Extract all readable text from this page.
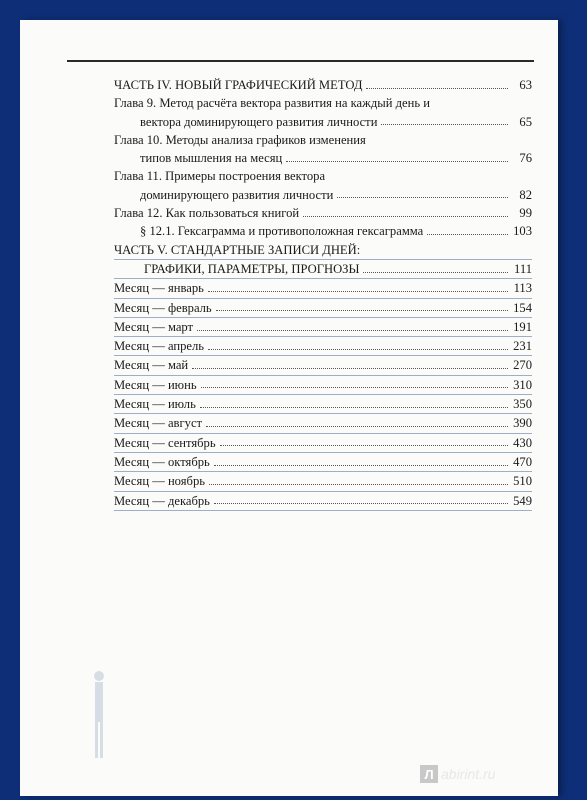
ЧАСТЬ IV. НОВЫЙ ГРАФИЧЕСКИЙ МЕТОД	63
Глава 9. Метод расчёта вектора развития на каждый день и
вектора доминирующего развития личности	65
Глава 10. Методы анализа графиков изменения
типов мышления на месяц	76
Глава 11. Примеры построения вектора
доминирующего развития личности	82
Глава 12. Как пользоваться книгой	99
§ 12.1. Гексаграмма и противоположная гексаграмма	103
ЧАСТЬ V. СТАНДАРТНЫЕ ЗАПИСИ ДНЕЙ:
ГРАФИКИ, ПАРАМЕТРЫ, ПРОГНОЗЫ	111
Месяц — январь	113
Месяц — февраль	154
Месяц — март	191
Месяц — апрель	231
Месяц — май	270
Месяц — июнь	310
Месяц — июль	350
Месяц — август	390
Месяц — сентябрь	430
Месяц — октябрь	470
Месяц — ноябрь	510
Месяц — декабрь	549
Л abirint.ru
